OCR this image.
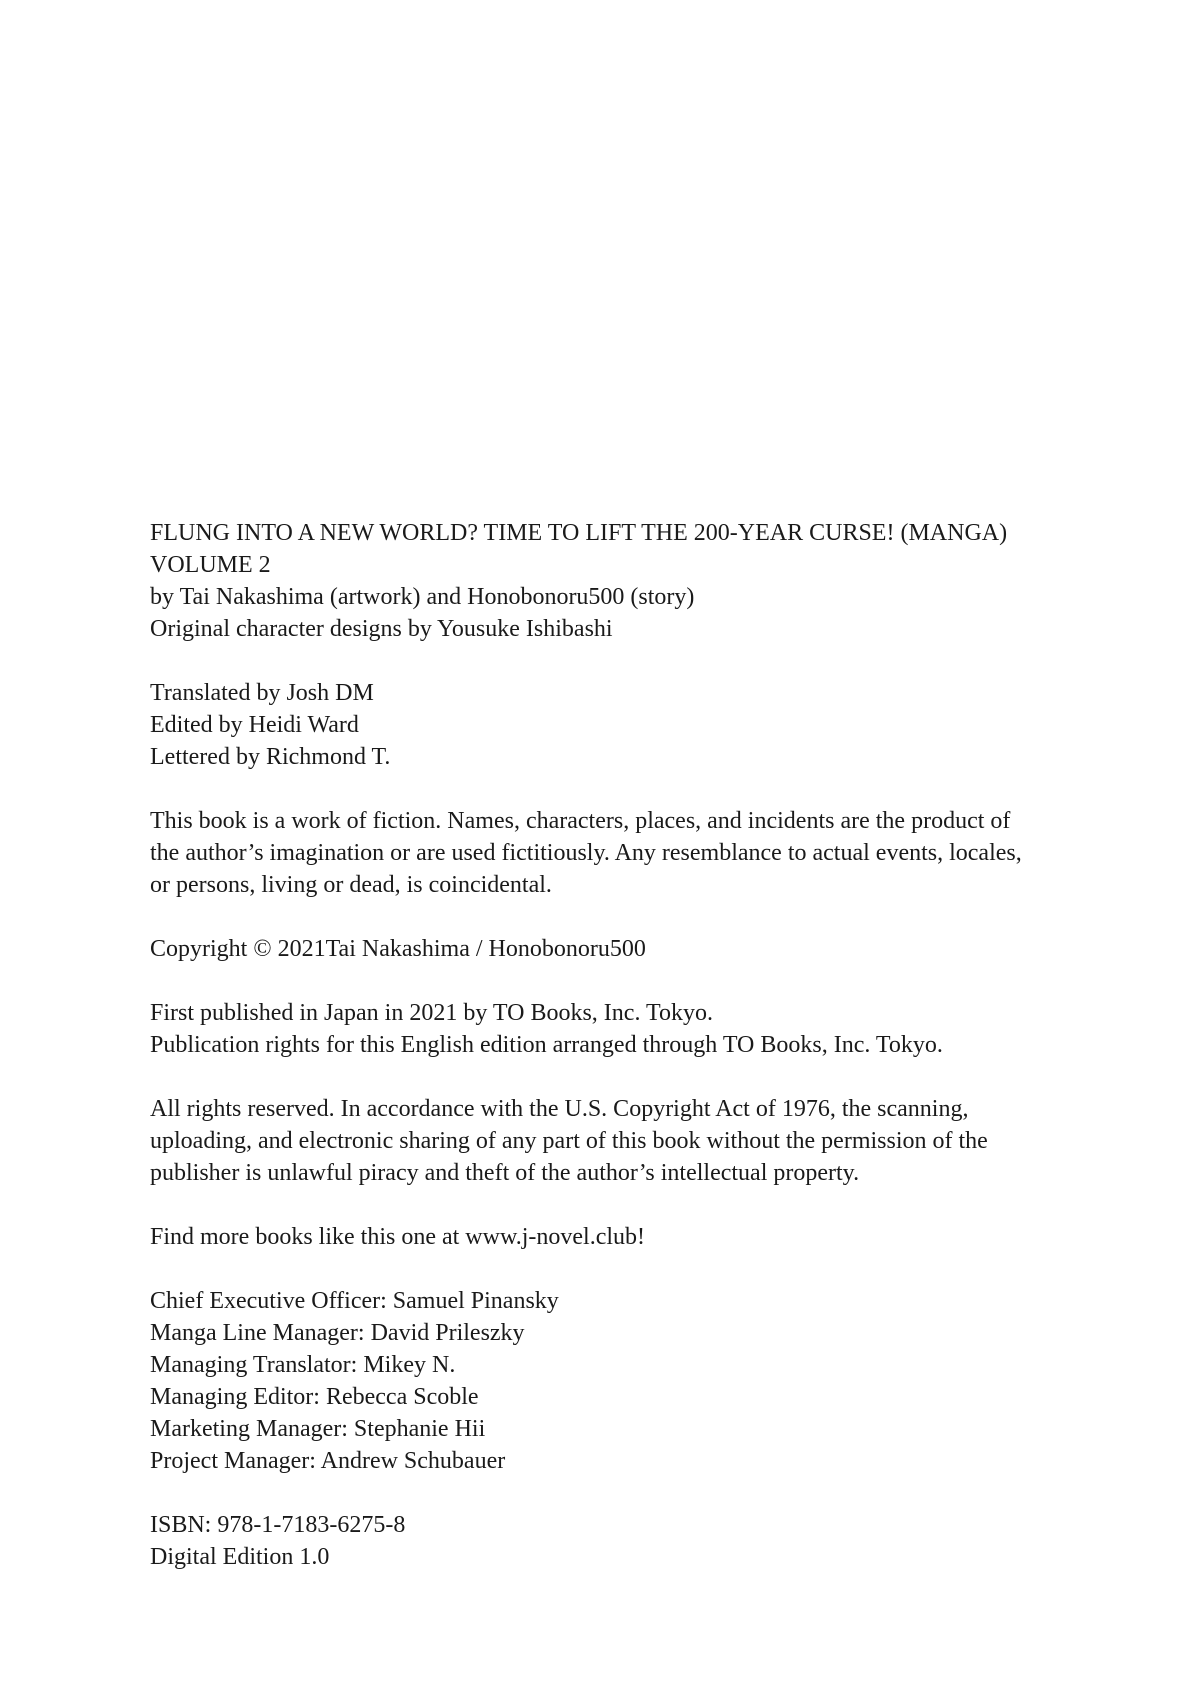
FLUNG INTO A NEW WORLD? TIME TO LIFT THE 200-YEAR CURSE! (MANGA)
VOLUME 2
by Tai Nakashima (artwork) and Honobonoru500 (story)
Original character designs by Yousuke Ishibashi
Translated by Josh DM
Edited by Heidi Ward
Lettered by Richmond T.
This book is a work of fiction. Names, characters, places, and incidents are the product of
the author’s imagination or are used fictitiously. Any resemblance to actual events, locales,
or persons, living or dead, is coincidental.
Copyright © 2021Tai Nakashima / Honobonoru500
First published in Japan in 2021 by TO Books, Inc. Tokyo.
Publication rights for this English edition arranged through TO Books, Inc. Tokyo.
All rights reserved. In accordance with the U.S. Copyright Act of 1976, the scanning,
uploading, and electronic sharing of any part of this book without the permission of the
publisher is unlawful piracy and theft of the author’s intellectual property.
Find more books like this one at www.j-novel.club!
Chief Executive Officer: Samuel Pinansky
Manga Line Manager: David Prileszky
Managing Translator: Mikey N.
Managing Editor: Rebecca Scoble
Marketing Manager: Stephanie Hii
Project Manager: Andrew Schubauer
ISBN: 978-1-7183-6275-8
Digital Edition 1.0
